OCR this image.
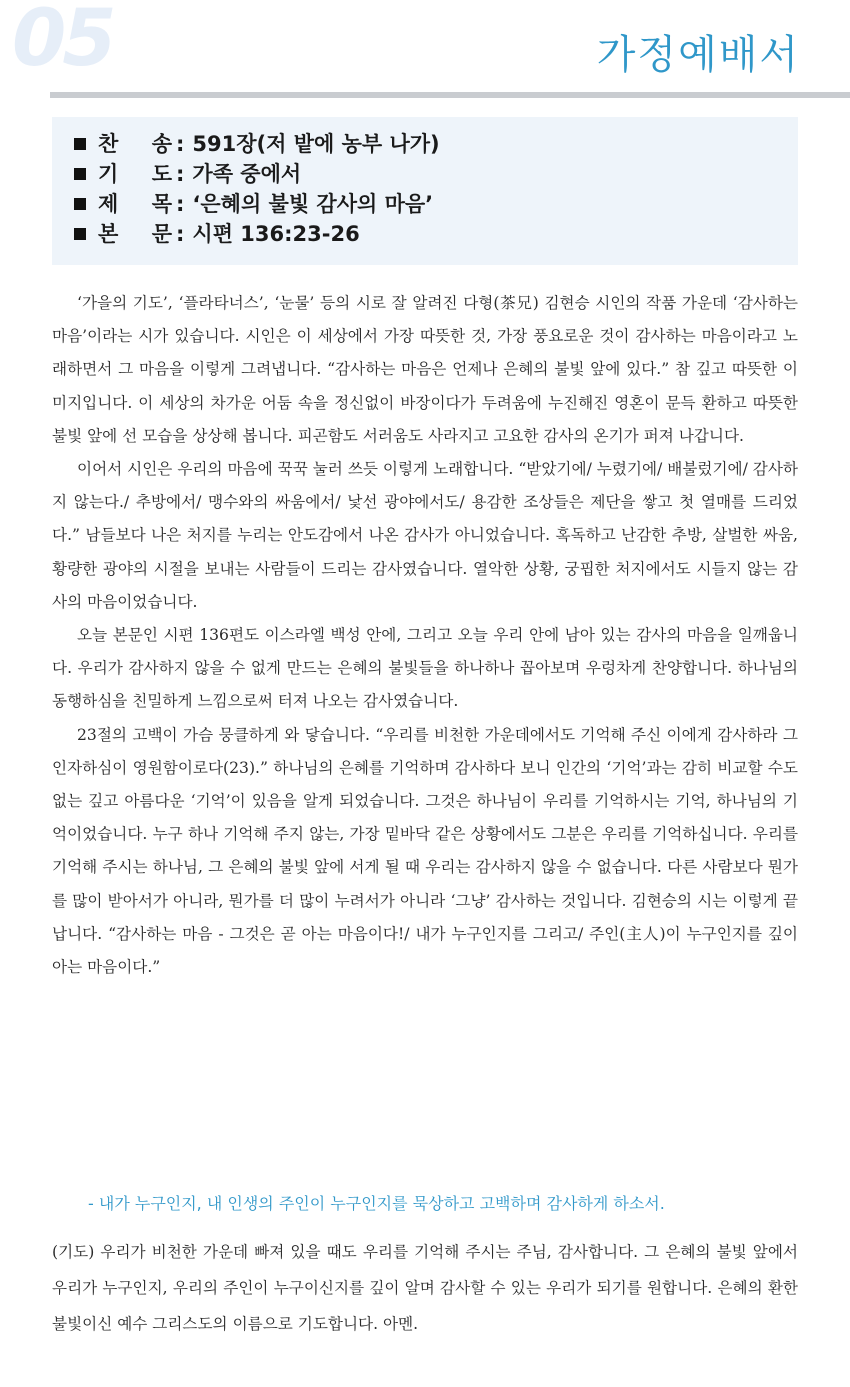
05	가정예배서
찬 송 : 591장(저 밭에 농부 나가)
기 도 : 가족 중에서
제 목 : ‘은혜의 불빛 감사의 마음’
본 문 : 시편 136:23-26

‘가을의 기도’, ‘플라타너스’, ‘눈물’ 등의 시로 잘 알려진 다형(茶兄) 김현승 시인의 작품 가운데 ‘감사하는 마음’이라는 시가 있습니다. 시인은 이 세상에서 가장 따뜻한 것, 가장 풍요로운 것이 감사하는 마음이라고 노래하면서 그 마음을 이렇게 그려냅니다. “감사하는 마음은 언제나 은혜의 불빛 앞에 있다.” 참 깊고 따뜻한 이미지입니다. 이 세상의 차가운 어둠 속을 정신없이 바장이다가 두려움에 누진해진 영혼이 문득 환하고 따뜻한 불빛 앞에 선 모습을 상상해 봅니다. 피곤함도 서러움도 사라지고 고요한 감사의 온기가 퍼져 나갑니다.

이어서 시인은 우리의 마음에 꾹꾹 눌러 쓰듯 이렇게 노래합니다. “받았기에/ 누렸기에/ 배불렀기에/ 감사하지 않는다./ 추방에서/ 맹수와의 싸움에서/ 낯선 광야에서도/ 용감한 조상들은 제단을 쌓고 첫 열매를 드리었다.” 남들보다 나은 처지를 누리는 안도감에서 나온 감사가 아니었습니다. 혹독하고 난감한 추방, 살벌한 싸움, 황량한 광야의 시절을 보내는 사람들이 드리는 감사였습니다. 열악한 상황, 궁핍한 처지에서도 시들지 않는 감사의 마음이었습니다.

오늘 본문인 시편 136편도 이스라엘 백성 안에, 그리고 오늘 우리 안에 남아 있는 감사의 마음을 일깨웁니다. 우리가 감사하지 않을 수 없게 만드는 은혜의 불빛들을 하나하나 꼽아보며 우렁차게 찬양합니다. 하나님의 동행하심을 친밀하게 느낌으로써 터져 나오는 감사였습니다.

23절의 고백이 가슴 뭉클하게 와 닿습니다. “우리를 비천한 가운데에서도 기억해 주신 이에게 감사하라 그 인자하심이 영원함이로다(23).” 하나님의 은혜를 기억하며 감사하다 보니 인간의 ‘기억’과는 감히 비교할 수도 없는 깊고 아름다운 ‘기억’이 있음을 알게 되었습니다. 그것은 하나님이 우리를 기억하시는 기억, 하나님의 기억이었습니다. 누구 하나 기억해 주지 않는, 가장 밑바닥 같은 상황에서도 그분은 우리를 기억하십니다. 우리를 기억해 주시는 하나님, 그 은혜의 불빛 앞에 서게 될 때 우리는 감사하지 않을 수 없습니다. 다른 사람보다 뭔가를 많이 받아서가 아니라, 뭔가를 더 많이 누려서가 아니라 ‘그냥’ 감사하는 것입니다. 김현승의 시는 이렇게 끝납니다. “감사하는 마음 - 그것은 곧 아는 마음이다!/ 내가 누구인지를 그리고/ 주인(主人)이 누구인지를 깊이 아는 마음이다.”

- 내가 누구인지, 내 인생의 주인이 누구인지를 묵상하고 고백하며 감사하게 하소서.
(기도) 우리가 비천한 가운데 빠져 있을 때도 우리를 기억해 주시는 주님, 감사합니다. 그 은혜의 불빛 앞에서 우리가 누구인지, 우리의 주인이 누구이신지를 깊이 알며 감사할 수 있는 우리가 되기를 원합니다. 은혜의 환한 불빛이신 예수 그리스도의 이름으로 기도합니다. 아멘.
